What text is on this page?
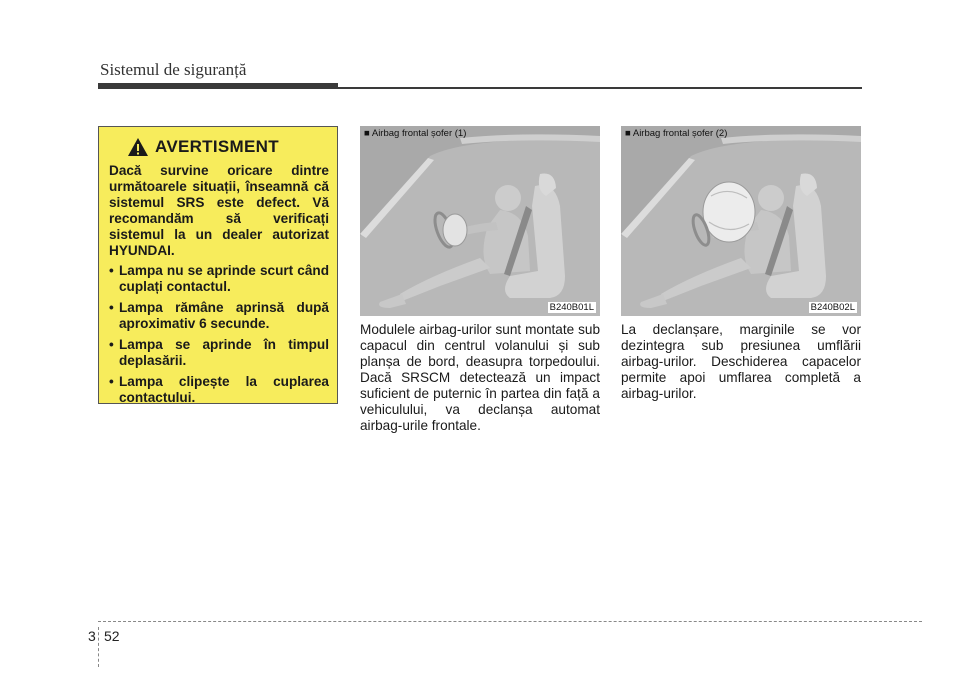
Sistemul de siguranță
AVERTISMENT

Dacă survine oricare dintre următoarele situații, înseamnă că sistemul SRS este defect. Vă recomandăm să verificați sistemul la un dealer autorizat HYUNDAI.

• Lampa nu se aprinde scurt când cuplați contactul.
• Lampa rămâne aprinsă după aproximativ 6 secunde.
• Lampa se aprinde în timpul deplasării.
• Lampa clipește la cuplarea contactului.
■ Airbag frontal șofer (1)
B240B01L
■ Airbag frontal șofer (2)
B240B02L

Modulele airbag-urilor sunt montate sub capacul din centrul volanului și sub planșa de bord, deasupra torpedoului. Dacă SRSCM detectează un impact suficient de puternic în partea din față a vehiculului, va declanșa automat airbag-urile frontale.

La declanșare, marginile se vor dezintegra sub presiunea umflării airbag-urilor. Deschiderea capacelor permite apoi umflarea completă a airbag-urilor.

3 52
